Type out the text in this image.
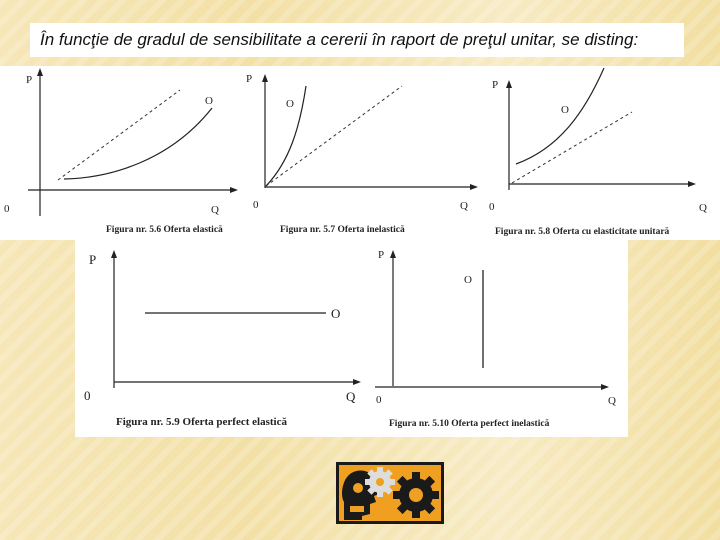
În funcţie de gradul de sensibilitate a cererii în raport de preţul unitar, se disting:
P
O
0	Q
Figura nr. 5.6 Oferta elastică
P
O
0	Q
Figura nr. 5.7 Oferta inelastică
P
O
0	Q
Figura nr. 5.8 Oferta cu elasticitate unitară
P
O
0	Q
Figura nr. 5.9 Oferta perfect elastică
P
O
0	Q
Figura nr. 5.10 Oferta perfect inelastică
